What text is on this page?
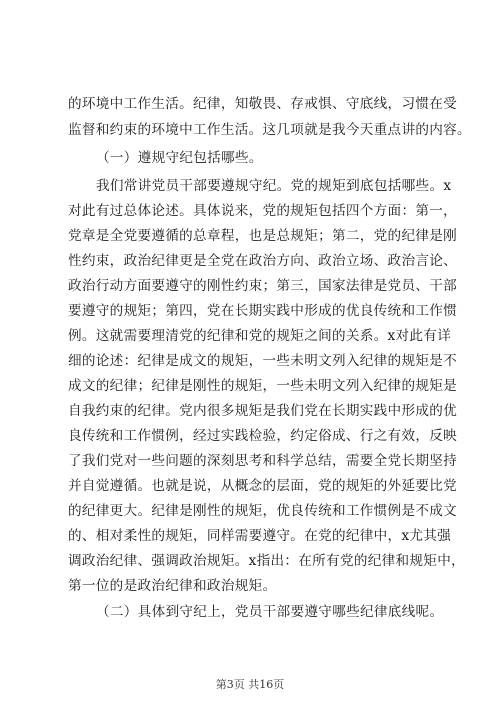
的环境中工作生活。纪律，知敬畏、存戒惧、守底线，习惯在受
监督和约束的环境中工作生活。这几项就是我今天重点讲的内容。
（一）遵规守纪包括哪些。
我们常讲党员干部要遵规守纪。党的规矩到底包括哪些。x
对此有过总体论述。具体说来，党的规矩包括四个方面：第一，
党章是全党要遵循的总章程，也是总规矩；第二，党的纪律是刚
性约束，政治纪律更是全党在政治方向、政治立场、政治言论、
政治行动方面要遵守的刚性约束；第三，国家法律是党员、干部
要遵守的规矩；第四，党在长期实践中形成的优良传统和工作惯
例。这就需要理清党的纪律和党的规矩之间的关系。x对此有详
细的论述：纪律是成文的规矩，一些未明文列入纪律的规矩是不
成文的纪律；纪律是刚性的规矩，一些未明文列入纪律的规矩是
自我约束的纪律。党内很多规矩是我们党在长期实践中形成的优
良传统和工作惯例，经过实践检验，约定俗成、行之有效，反映
了我们党对一些问题的深刻思考和科学总结，需要全党长期坚持
并自觉遵循。也就是说，从概念的层面，党的规矩的外延要比党
的纪律更大。纪律是刚性的规矩，优良传统和工作惯例是不成文
的、相对柔性的规矩，同样需要遵守。在党的纪律中，x尤其强
调政治纪律、强调政治规矩。x指出：在所有党的纪律和规矩中，
第一位的是政治纪律和政治规矩。
（二）具体到守纪上，党员干部要遵守哪些纪律底线呢。
第3页 共16页
